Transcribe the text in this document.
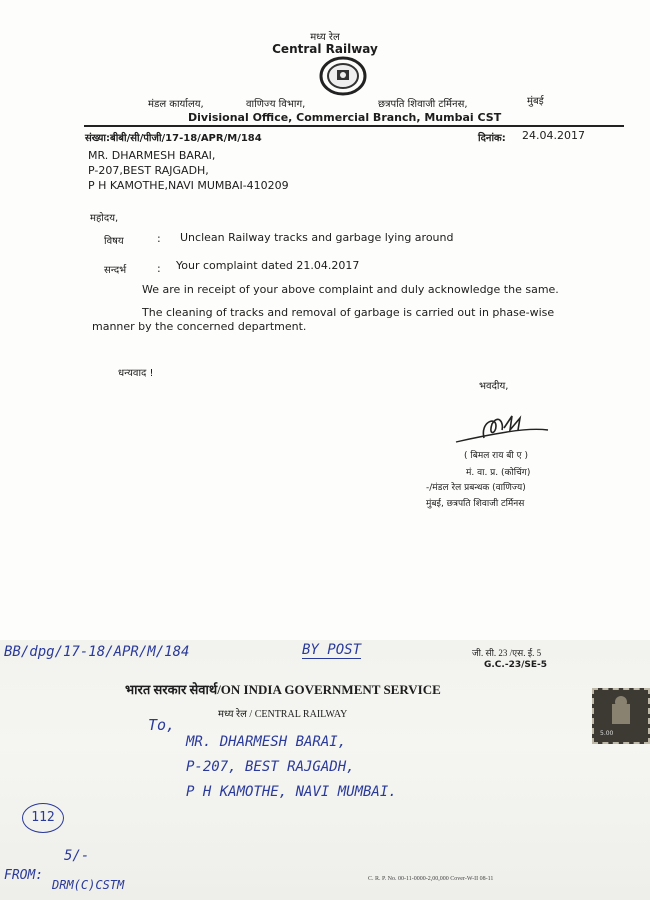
मध्य रेल
Central Railway
मंडल कार्यालय,	वाणिज्य विभाग,	छत्रपति शिवाजी टर्मिनस,	मुंबई
Divisional Office, Commercial Branch, Mumbai CST
संख्या:बीबी/सी/पीजी/17-18/APR/M/184	दिनांक: 24.04.2017
MR. DHARMESH BARAI,
P-207,BEST RAJGADH,
P H KAMOTHE,NAVI MUMBAI-410209
महोदय,
विषय	: Unclean Railway tracks and garbage lying around
सन्दर्भ	: Your complaint dated 21.04.2017
We are in receipt of your above complaint and duly acknowledge the same.
The cleaning of tracks and removal of garbage is carried out in phase-wise
manner by the concerned department.
धन्यवाद !
भवदीय,
( बिमल राय बी ए )
मं. वा. प्र. (कोचिंग)
-/मंडल रेल प्रबन्धक (वाणिज्य)
मुंबई, छत्रपति शिवाजी टर्मिनस
BB/dpg/17-18/APR/M/184	BY POST	जी. सी. 23 /एस. ई. 5
G.C.-23/SE-5
भारत सरकार सेवार्थ/ON INDIA GOVERNMENT SERVICE
मध्य रेल / CENTRAL RAILWAY
5.00
To,
MR. DHARMESH BARAI,
P-207, BEST RAJGADH,
P H KAMOTHE, NAVI MUMBAI.
112
5/-
FROM:
DRM(C)CSTM	C. R. P. No. 00-11-0000-2,00,000 Cover-W-II 08-11
